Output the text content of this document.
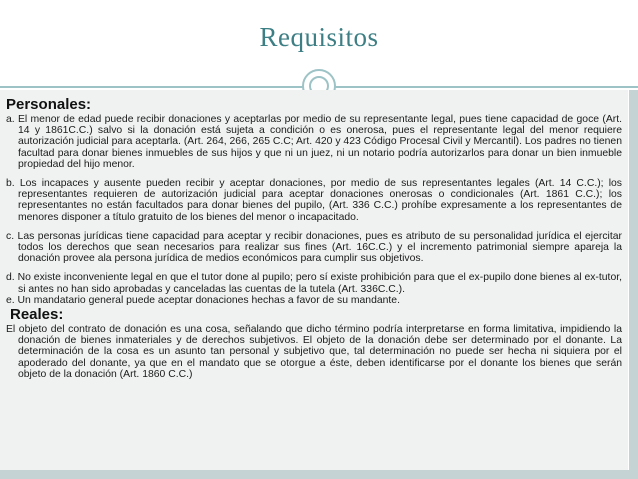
Requisitos
Personales:

a. El menor de edad puede recibir donaciones y aceptarlas por medio de su representante legal, pues tiene capacidad de goce (Art. 14 y 1861C.C.) salvo si la donación está sujeta a condición o es onerosa, pues el representante legal del menor requiere autorización judicial para aceptarla. (Art. 264, 266, 265 C.C; Art. 420 y 423 Código Procesal Civil y Mercantil). Los padres no tienen facultad para donar bienes inmuebles de sus hijos y que ni un juez, ni un notario podría autorizarlos para donar un bien inmueble propiedad del hijo menor.

b. Los incapaces y ausente pueden recibir y aceptar donaciones, por medio de sus representantes legales (Art. 14 C.C.); los representantes requieren de autorización judicial para aceptar donaciones onerosas o condicionales (Art. 1861 C.C.); los representantes no están facultados para donar bienes del pupilo, (Art. 336 C.C.) prohíbe expresamente a los representantes de menores disponer a título gratuito de los bienes del menor o incapacitado.

c. Las personas jurídicas tiene capacidad para aceptar y recibir donaciones, pues es atributo de su personalidad jurídica el ejercitar todos los derechos que sean necesarios para realizar sus fines (Art. 16C.C.) y el incremento patrimonial siempre apareja la donación provee ala persona jurídica de medios económicos para cumplir sus objetivos.

d. No existe inconveniente legal en que el tutor done al pupilo; pero sí existe prohibición para que el ex-pupilo done bienes al ex-tutor, si antes no han sido aprobadas y canceladas las cuentas de la tutela (Art. 336C.C.).

e. Un mandatario general puede aceptar donaciones hechas a favor de su mandante.

Reales:

El objeto del contrato de donación es una cosa, señalando que dicho término podría interpretarse en forma limitativa, impidiendo la donación de bienes inmateriales y de derechos subjetivos. El objeto de la donación debe ser determinado por el donante. La determinación de la cosa es un asunto tan personal y subjetivo que, tal determinación no puede ser hecha ni siquiera por el apoderado del donante, ya que en el mandato que se otorgue a éste, deben identificarse por el donante los bienes que serán objeto de la donación (Art. 1860 C.C.)
